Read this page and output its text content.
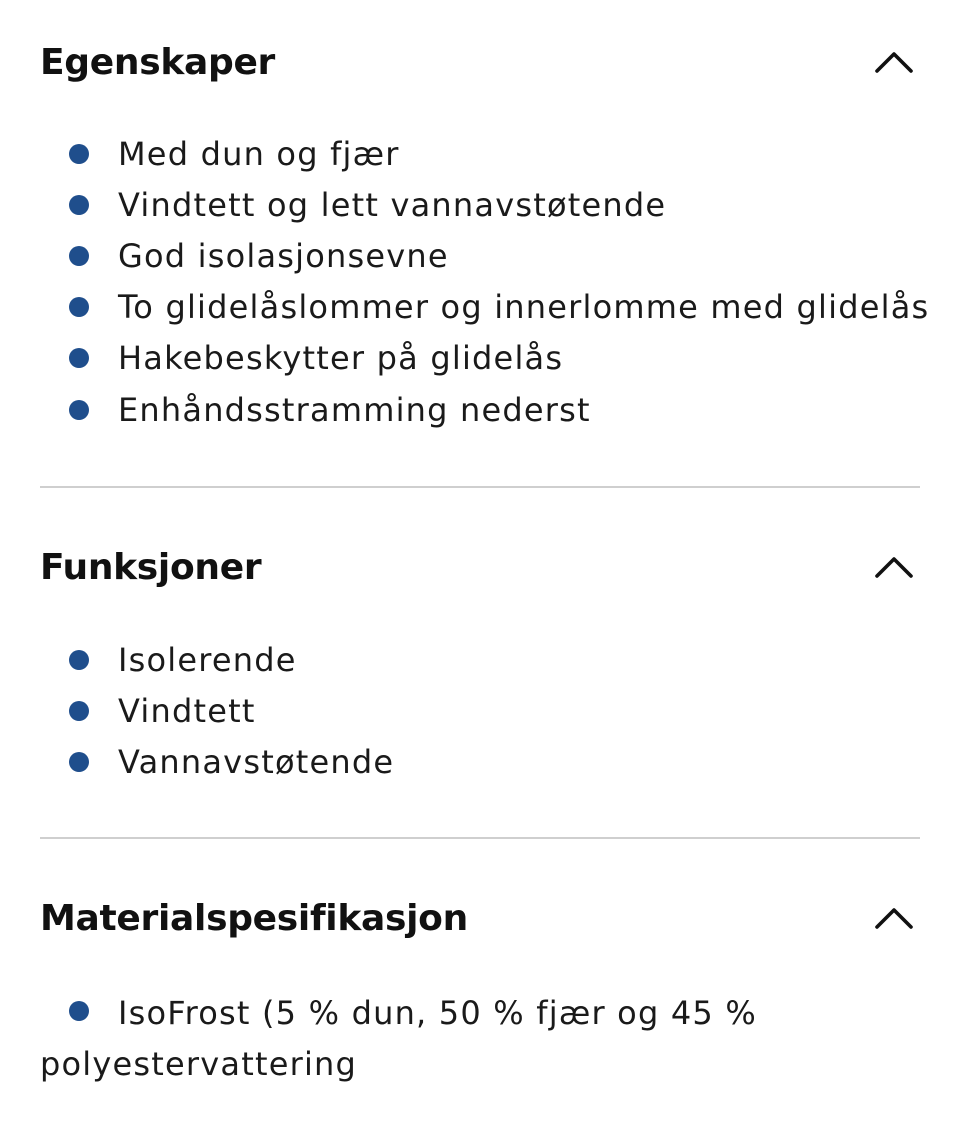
Egenskaper
Med dun og fjær
Vindtett og lett vannavstøtende
God isolasjonsevne
To glidelåslommer og innerlomme med glidelås
Hakebeskytter på glidelås
Enhåndsstramming nederst
Funksjoner
Isolerende
Vindtett
Vannavstøtende
Materialspesifikasjon
IsoFrost (5 % dun, 50 % fjær og 45 % polyestervattering
